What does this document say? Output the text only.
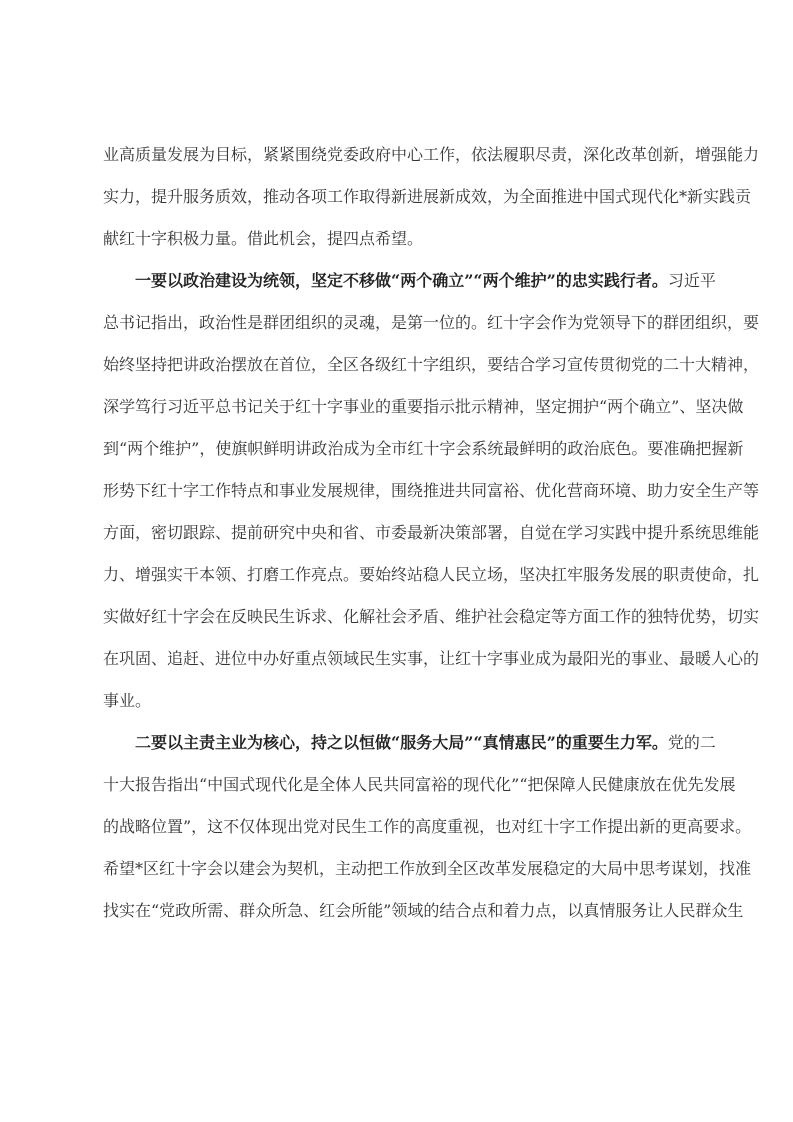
业高质量发展为目标，紧紧围绕党委政府中心工作，依法履职尽责，深化改革创新，增强能力
实力，提升服务质效，推动各项工作取得新进展新成效，为全面推进中国式现代化*新实践贡
献红十字积极力量。借此机会，提四点希望。
一要以政治建设为统领，坚定不移做“两个确立”“两个维护”的忠实践行者。习近平
总书记指出，政治性是群团组织的灵魂，是第一位的。红十字会作为党领导下的群团组织，要
始终坚持把讲政治摆放在首位，全区各级红十字组织，要结合学习宣传贯彻党的二十大精神，
深学笃行习近平总书记关于红十字事业的重要指示批示精神，坚定拥护“两个确立”、坚决做
到“两个维护”，使旗帜鲜明讲政治成为全市红十字会系统最鲜明的政治底色。要准确把握新
形势下红十字工作特点和事业发展规律，围绕推进共同富裕、优化营商环境、助力安全生产等
方面，密切跟踪、提前研究中央和省、市委最新决策部署，自觉在学习实践中提升系统思维能
力、增强实干本领、打磨工作亮点。要始终站稳人民立场，坚决扛牢服务发展的职责使命，扎
实做好红十字会在反映民生诉求、化解社会矛盾、维护社会稳定等方面工作的独特优势，切实
在巩固、追赶、进位中办好重点领域民生实事，让红十字事业成为最阳光的事业、最暖人心的
事业。
二要以主责主业为核心，持之以恒做“服务大局”“真情惠民”的重要生力军。党的二
十大报告指出“中国式现代化是全体人民共同富裕的现代化”“把保障人民健康放在优先发展
的战略位置”，这不仅体现出党对民生工作的高度重视，也对红十字工作提出新的更高要求。
希望*区红十字会以建会为契机，主动把工作放到全区改革发展稳定的大局中思考谋划，找准
找实在“党政所需、群众所急、红会所能”领域的结合点和着力点，以真情服务让人民群众生
